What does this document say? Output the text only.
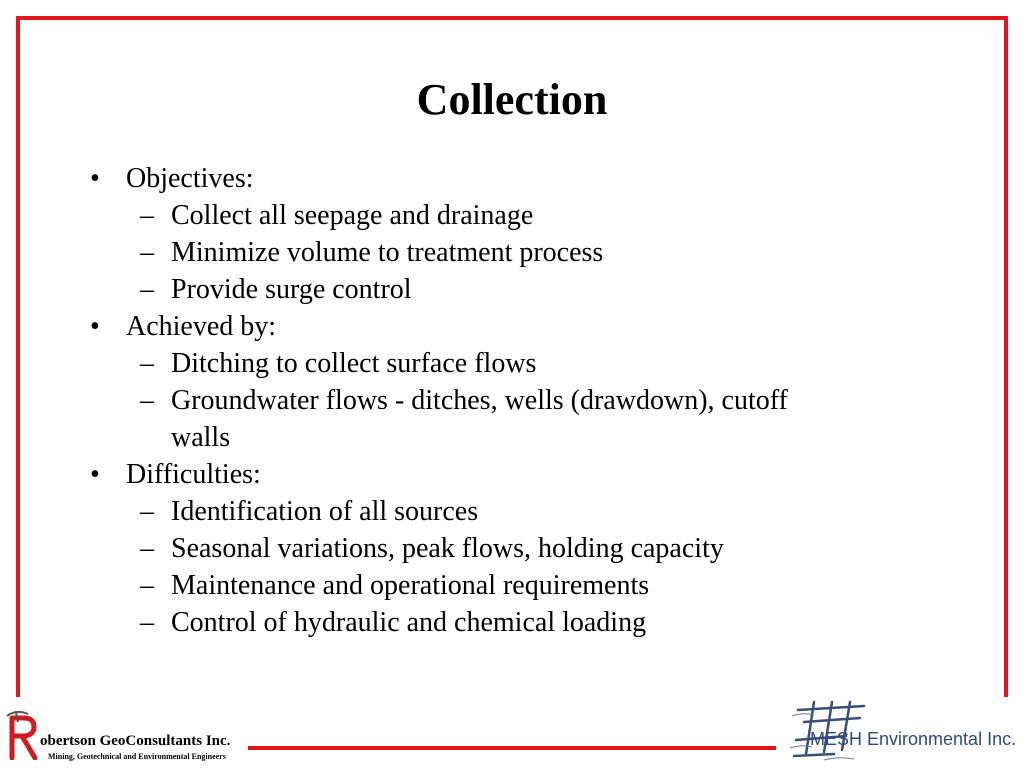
Collection
• Objectives:
– Collect all seepage and drainage
– Minimize volume to treatment process
– Provide surge control
• Achieved by:
– Ditching to collect surface flows
– Groundwater flows - ditches, wells (drawdown), cutoff
walls
• Difficulties:
– Identification of all sources
– Seasonal variations, peak flows, holding capacity
– Maintenance and operational requirements
– Control of hydraulic and chemical loading
obertson GeoConsultants Inc.
Mining, Geotechnical and Environmental Engineers
MESH Environmental Inc.
